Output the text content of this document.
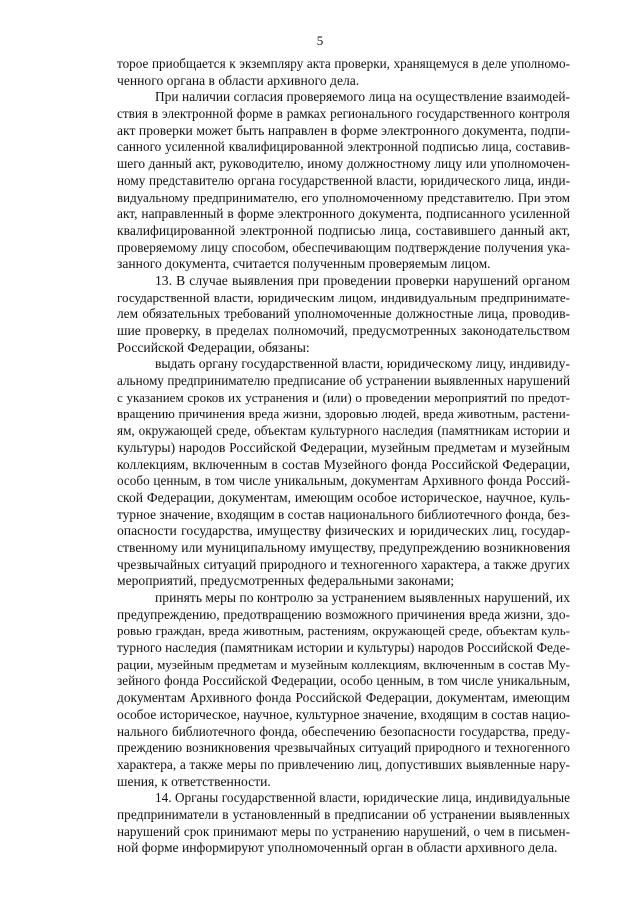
5
торое приобщается к экземпляру акта проверки, хранящемуся в деле уполномо-
ченного органа в области архивного дела.
При наличии согласия проверяемого лица на осуществление взаимодей-
ствия в электронной форме в рамках регионального государственного контроля
акт проверки может быть направлен в форме электронного документа, подпи-
санного усиленной квалифицированной электронной подписью лица, составив-
шего данный акт, руководителю, иному должностному лицу или уполномочен-
ному представителю органа государственной власти, юридического лица, инди-
видуальному предпринимателю, его уполномоченному представителю. При этом
акт, направленный в форме электронного документа, подписанного усиленной
квалифицированной электронной подписью лица, составившего данный акт,
проверяемому лицу способом, обеспечивающим подтверждение получения ука-
занного документа, считается полученным проверяемым лицом.
13. В случае выявления при проведении проверки нарушений органом
государственной власти, юридическим лицом, индивидуальным предпринимате-
лем обязательных требований уполномоченные должностные лица, проводив-
шие проверку, в пределах полномочий, предусмотренных законодательством
Российской Федерации, обязаны:
выдать органу государственной власти, юридическому лицу, индивиду-
альному предпринимателю предписание об устранении выявленных нарушений
с указанием сроков их устранения и (или) о проведении мероприятий по предот-
вращению причинения вреда жизни, здоровью людей, вреда животным, растени-
ям, окружающей среде, объектам культурного наследия (памятникам истории и
культуры) народов Российской Федерации, музейным предметам и музейным
коллекциям, включенным в состав Музейного фонда Российской Федерации,
особо ценным, в том числе уникальным, документам Архивного фонда Россий-
ской Федерации, документам, имеющим особое историческое, научное, куль-
турное значение, входящим в состав национального библиотечного фонда, без-
опасности государства, имуществу физических и юридических лиц, государ-
ственному или муниципальному имуществу, предупреждению возникновения
чрезвычайных ситуаций природного и техногенного характера, а также других
мероприятий, предусмотренных федеральными законами;
принять меры по контролю за устранением выявленных нарушений, их
предупреждению, предотвращению возможного причинения вреда жизни, здо-
ровью граждан, вреда животным, растениям, окружающей среде, объектам куль-
турного наследия (памятникам истории и культуры) народов Российской Феде-
рации, музейным предметам и музейным коллекциям, включенным в состав Му-
зейного фонда Российской Федерации, особо ценным, в том числе уникальным,
документам Архивного фонда Российской Федерации, документам, имеющим
особое историческое, научное, культурное значение, входящим в состав нацио-
нального библиотечного фонда, обеспечению безопасности государства, преду-
преждению возникновения чрезвычайных ситуаций природного и техногенного
характера, а также меры по привлечению лиц, допустивших выявленные нару-
шения, к ответственности.
14. Органы государственной власти, юридические лица, индивидуальные
предприниматели в установленный в предписании об устранении выявленных
нарушений срок принимают меры по устранению нарушений, о чем в письмен-
ной форме информируют уполномоченный орган в области архивного дела.
